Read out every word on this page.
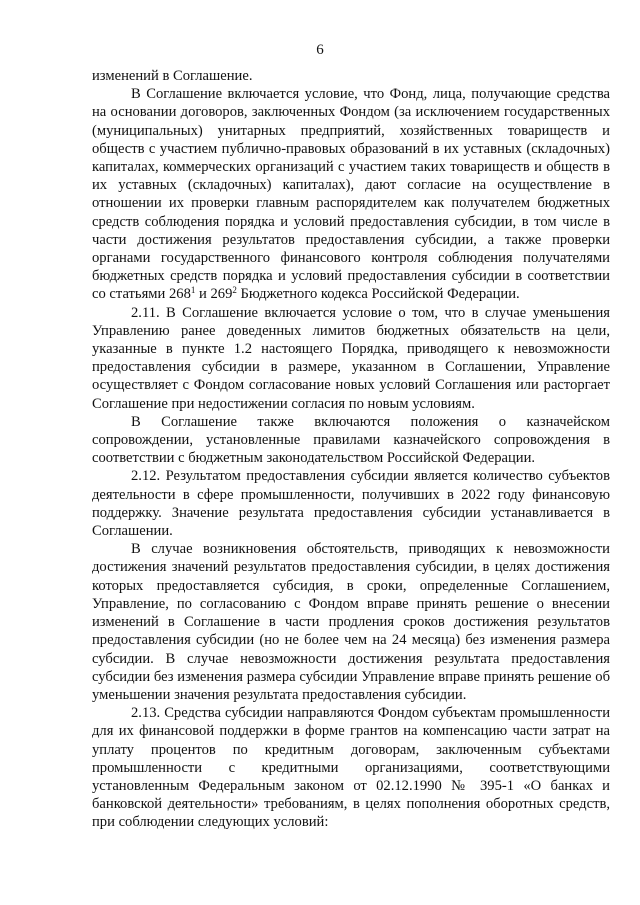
6

изменений в Соглашение.

В Соглашение включается условие, что Фонд, лица, получающие средства на основании договоров, заключенных Фондом (за исключением государственных (муниципальных) унитарных предприятий, хозяйственных товариществ и обществ с участием публично-правовых образований в их уставных (складочных) капиталах, коммерческих организаций с участием таких товариществ и обществ в их уставных (складочных) капиталах), дают согласие на осуществление в отношении их проверки главным распорядителем как получателем бюджетных средств соблюдения порядка и условий предоставления субсидии, в том числе в части достижения результатов предоставления субсидии, а также проверки органами государственного финансового контроля соблюдения получателями бюджетных средств порядка и условий предоставления субсидии в соответствии со статьями $268^1$ и $269^2$ Бюджетного кодекса Российской Федерации.

2.11. В Соглашение включается условие о том, что в случае уменьшения Управлению ранее доведенных лимитов бюджетных обязательств на цели, указанные в пункте 1.2 настоящего Порядка, приводящего к невозможности предоставления субсидии в размере, указанном в Соглашении, Управление осуществляет с Фондом согласование новых условий Соглашения или расторгает Соглашение при недостижении согласия по новым условиям.

В Соглашение также включаются положения о казначейском сопровождении, установленные правилами казначейского сопровождения в соответствии с бюджетным законодательством Российской Федерации.

2.12. Результатом предоставления субсидии является количество субъектов деятельности в сфере промышленности, получивших в 2022 году финансовую поддержку. Значение результата предоставления субсидии устанавливается в Соглашении.

В случае возникновения обстоятельств, приводящих к невозможности достижения значений результатов предоставления субсидии, в целях достижения которых предоставляется субсидия, в сроки, определенные Соглашением, Управление, по согласованию с Фондом вправе принять решение о внесении изменений в Соглашение в части продления сроков достижения результатов предоставления субсидии (но не более чем на 24 месяца) без изменения размера субсидии. В случае невозможности достижения результата предоставления субсидии без изменения размера субсидии Управление вправе принять решение об уменьшении значения результата предоставления субсидии.

2.13. Средства субсидии направляются Фондом субъектам промышленности для их финансовой поддержки в форме грантов на компенсацию части затрат на уплату процентов по кредитным договорам, заключенным субъектами промышленности с кредитными организациями, соответствующими установленным Федеральным законом от 02.12.1990 № 395-1 «О банках и банковской деятельности» требованиям, в целях пополнения оборотных средств, при соблюдении следующих условий:
